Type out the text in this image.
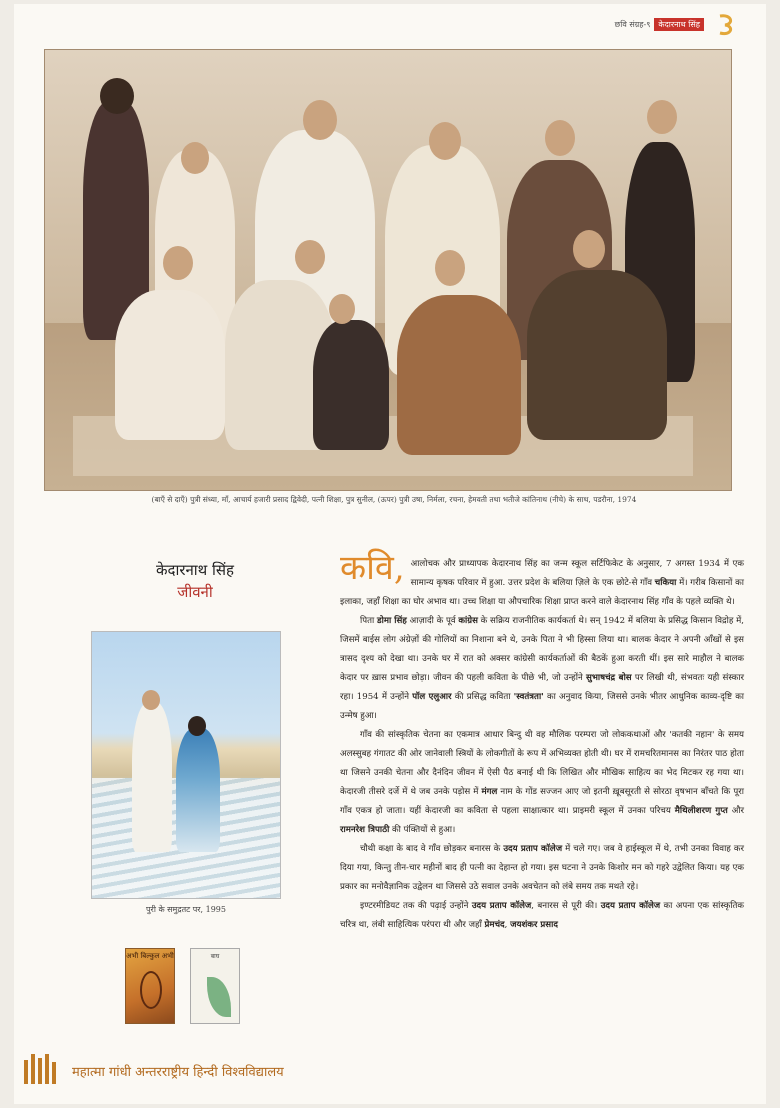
छवि संग्रह-९	केदारनाथ सिंह
(बाएँ से दाएँ) पुत्री संध्या, माँ, आचार्य हजारी प्रसाद द्विवेदी, पत्नी शिक्षा, पुत्र सुनील, (ऊपर) पुत्री उषा, निर्मला, रचना, हेमवती तथा भतीजे कांतिनाथ (नीचे) के साथ, पडरौना, 1974
केदारनाथ सिंह
जीवनी
पुरी के समुद्रतट पर, 1995
अभी बिल्कुल अभी	बाघ

कवि, आलोचक और प्राध्यापक केदारनाथ सिंह का जन्म स्कूल सर्टिफिकेट के अनुसार, 7 अगस्त 1934 में एक सामान्य कृषक परिवार में हुआ. उत्तर प्रदेश के बलिया ज़िले के एक छोटे-से गाँव चकिया में। गरीब किसानों का इलाका, जहाँ शिक्षा का घोर अभाव था। उच्च शिक्षा या औपचारिक शिक्षा प्राप्त करने वाले केदारनाथ सिंह गाँव के पहले व्यक्ति थे।

पिता डोमा सिंह आज़ादी के पूर्व कांग्रेस के सक्रिय राजनीतिक कार्यकर्ता थे। सन् 1942 में बलिया के प्रसिद्ध किसान विद्रोह में, जिसमें बाईस लोग अंग्रेज़ों की गोलियों का निशाना बने थे, उनके पिता ने भी हिस्सा लिया था। बालक केदार ने अपनी आँखों से इस त्रासद दृश्य को देखा था। उनके घर में रात को अक्सर कांग्रेसी कार्यकर्ताओं की बैठकें हुआ करती थीं। इस सारे माहौल ने बालक केदार पर ख़ास प्रभाव छोड़ा। जीवन की पहली कविता के पीछे भी, जो उन्होंने सुभाषचंद्र बोस पर लिखी थी, संभवतः यही संस्कार रहा। 1954 में उन्होंने पॉल एलुआर की प्रसिद्ध कविता 'स्वतंत्रता' का अनुवाद किया, जिससे उनके भीतर आधुनिक काव्य-दृष्टि का उन्मेष हुआ।

गाँव की सांस्कृतिक चेतना का एकमात्र आधार बिन्दु थी वह मौलिक परम्परा जो लोककथाओं और 'कतकी नहान' के समय अलस्सुबह गंगातट की ओर जानेवाली स्त्रियों के लोकगीतों के रूप में अभिव्यक्त होती थी। घर में रामचरितमानस का निरंतर पाठ होता था जिसने उनकी चेतना और दैनंदिन जीवन में ऐसी पैठ बनाई थी कि लिखित और मौखिक साहित्य का भेद मिटकर रह गया था। केदारजी तीसरे दर्जे में थे जब उनके पड़ोस में मंगल नाम के गोंड सज्जन आए जो इतनी ख़ूबसूरती से सोरठा वृषभान बाँचते कि पूरा गाँव एकत्र हो जाता। यहीं केदारजी का कविता से पहला साक्षात्कार था। प्राइमरी स्कूल में उनका परिचय मैथिलीशरण गुप्त और रामनरेश त्रिपाठी की पंक्तियों से हुआ।

चौथी कक्षा के बाद वे गाँव छोड़कर बनारस के उदय प्रताप कॉलेज में चले गए। जब वे हाईस्कूल में थे, तभी उनका विवाह कर दिया गया, किन्तु तीन-चार महीनों बाद ही पत्नी का देहान्त हो गया। इस घटना ने उनके किशोर मन को गहरे उद्वेलित किया। यह एक प्रकार का मनोवैज्ञानिक उद्वेलन था जिससे उठे सवाल उनके अवचेतन को लंबे समय तक मथते रहे।

इण्टरमीडियट तक की पढ़ाई उन्होंने उदय प्रताप कॉलेज, बनारस से पूरी की। उदय प्रताप कॉलेज का अपना एक सांस्कृतिक चरित्र था, लंबी साहित्यिक परंपरा थी और जहाँ प्रेमचंद, जयशंकर प्रसाद

महात्मा गांधी अन्तरराष्ट्रीय हिन्दी विश्वविद्यालय
